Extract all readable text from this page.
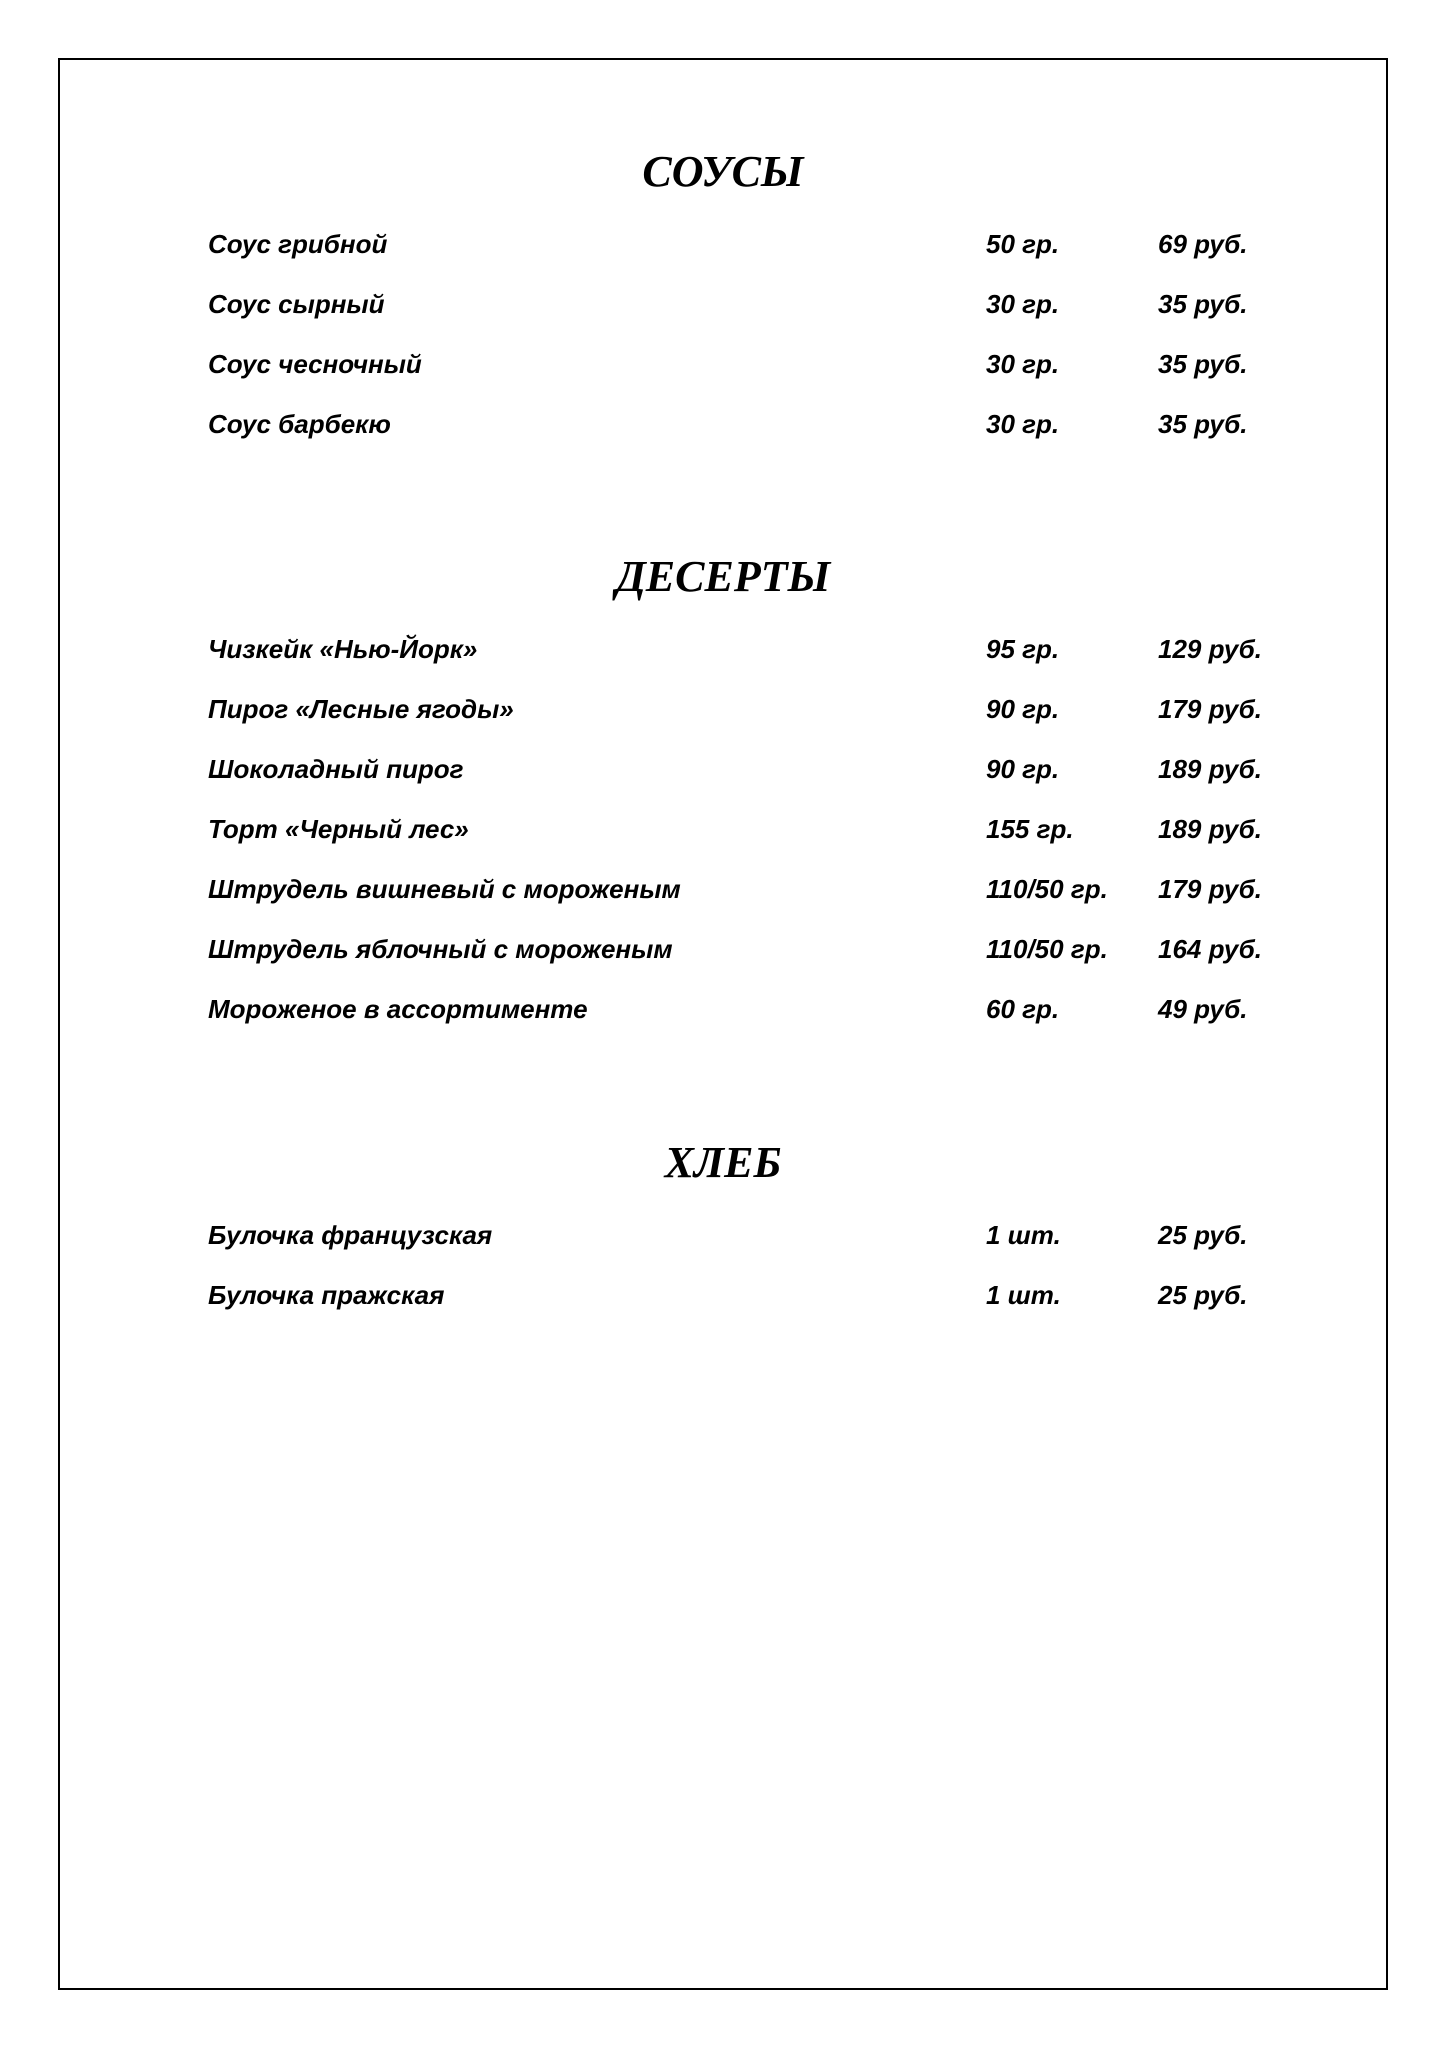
СОУСЫ
Соус грибной	50 гр.	69 руб.
Соус сырный	30 гр.	35 руб.
Соус чесночный	30 гр.	35 руб.
Соус барбекю	30 гр.	35 руб.
ДЕСЕРТЫ
Чизкейк «Нью-Йорк»	95 гр.	129 руб.
Пирог «Лесные ягоды»	90 гр.	179 руб.
Шоколадный пирог	90 гр.	189 руб.
Торт «Черный лес»	155 гр.	189 руб.
Штрудель вишневый с мороженым	110/50 гр. 179 руб.
Штрудель яблочный с мороженым	110/50 гр. 164 руб.
Мороженое в ассортименте	60 гр.	49 руб.
ХЛЕБ
Булочка французская	1 шт.	25 руб.
Булочка пражская	1 шт.	25 руб.
